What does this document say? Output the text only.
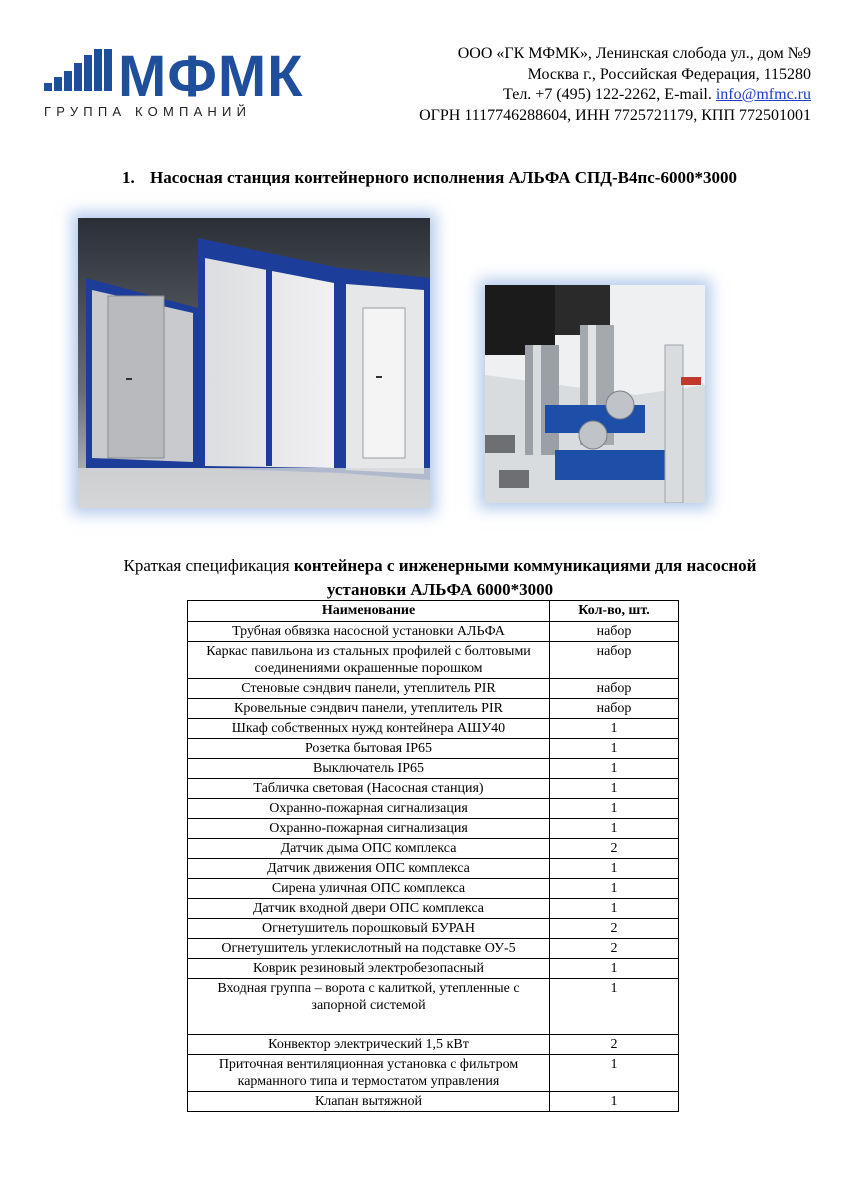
МФМК
ГРУППА КОМПАНИЙ
ООО «ГК МФМК», Ленинская слобода ул., дом №9
Москва г., Российская Федерация, 115280
Тел. +7 (495) 122-2262, E-mail. info@mfmc.ru
ОГРН 1117746288604, ИНН 7725721179, КПП 772501001
1. Насосная станция контейнерного исполнения АЛЬФА СПД-В4пс-6000*3000
Краткая спецификация контейнера с инженерными коммуникациями для насосной установки АЛЬФА 6000*3000
Наименование	Кол-во, шт.
Трубная обвязка насосной установки АЛЬФА	набор
Каркас павильона из стальных профилей с болтовыми соединениями окрашенные порошком	набор
Стеновые сэндвич панели, утеплитель PIR	набор
Кровельные сэндвич панели, утеплитель PIR	набор
Шкаф собственных нужд контейнера АШУ40	1
Розетка бытовая IP65	1
Выключатель IP65	1
Табличка световая (Насосная станция)	1
Охранно-пожарная сигнализация	1
Охранно-пожарная сигнализация	1
Датчик дыма ОПС комплекса	2
Датчик движения ОПС комплекса	1
Сирена уличная ОПС комплекса	1
Датчик входной двери ОПС комплекса	1
Огнетушитель порошковый БУРАН	2
Огнетушитель углекислотный на подставке ОУ-5	2
Коврик резиновый электробезопасный	1
Входная группа – ворота с калиткой, утепленные с запорной системой	1
Конвектор электрический 1,5 кВт	2
Приточная вентиляционная установка с фильтром карманного типа и термостатом управления	1
Клапан вытяжной	1
